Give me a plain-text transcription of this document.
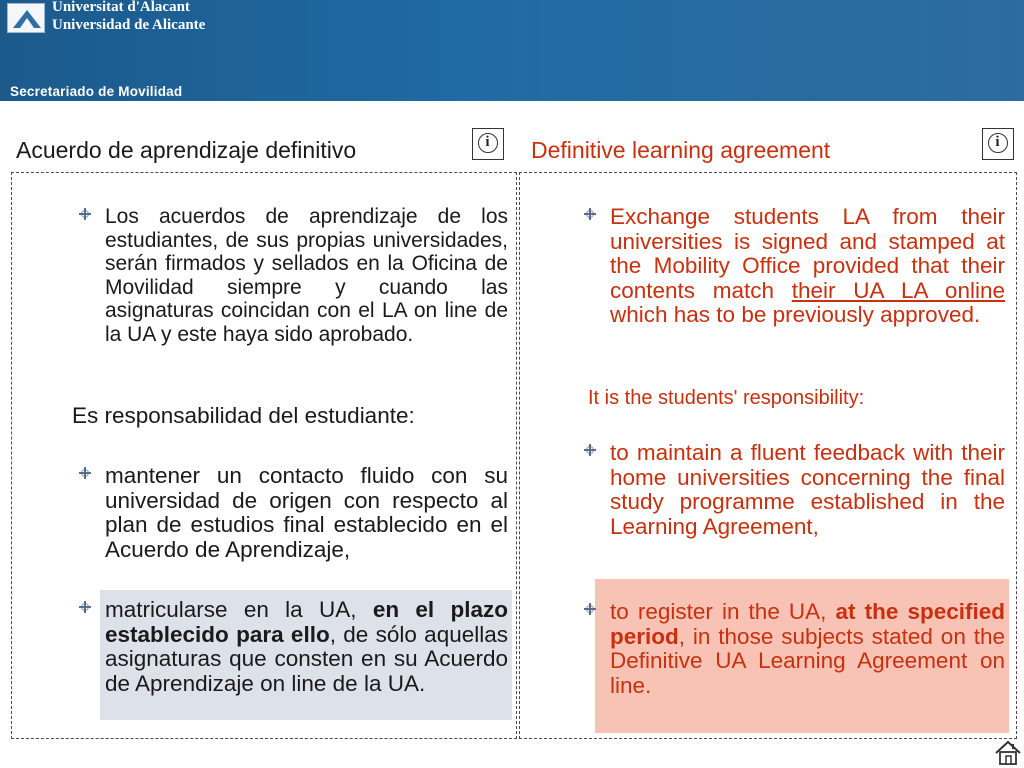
Universitat d'Alacant
Universidad de Alicante
Secretariado de Movilidad
Acuerdo de aprendizaje definitivo	i	Definitive learning agreement	i
Los acuerdos de aprendizaje de los estudiantes, de sus propias universidades, serán firmados y sellados en la Oficina de Movilidad siempre y cuando las asignaturas coincidan con el LA on line de la UA y este haya sido aprobado.
Es responsabilidad del estudiante:
mantener un contacto fluido con su universidad de origen con respecto al plan de estudios final establecido en el Acuerdo de Aprendizaje,
matricularse en la UA, en el plazo establecido para ello, de sólo aquellas asignaturas que consten en su Acuerdo de Aprendizaje on line de la UA.
Exchange students LA from their universities is signed and stamped at the Mobility Office provided that their contents match their UA LA online which has to be previously approved.
It is the students' responsibility:
to maintain a fluent feedback with their home universities concerning the final study programme established in the Learning Agreement,
to register in the UA, at the specified period, in those subjects stated on the Definitive UA Learning Agreement on line.
